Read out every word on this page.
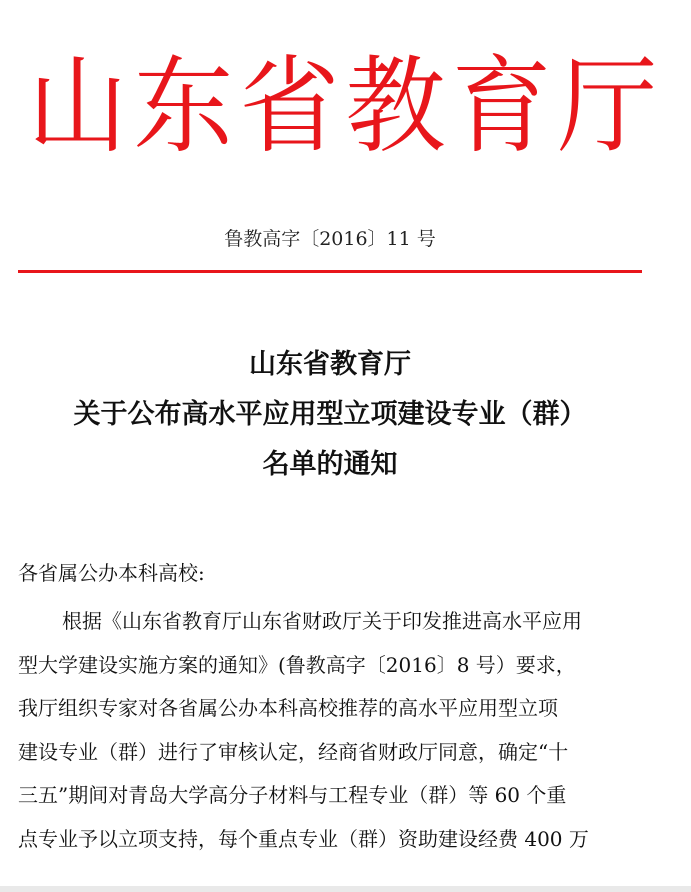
山东省教育厅
鲁教高字〔2016〕11 号
山东省教育厅
关于公布高水平应用型立项建设专业（群）
名单的通知
各省属公办本科高校:
根据《山东省教育厅山东省财政厅关于印发推进高水平应用
型大学建设实施方案的通知》(鲁教高字〔2016〕8 号）要求，
我厅组织专家对各省属公办本科高校推荐的高水平应用型立项
建设专业（群）进行了审核认定，经商省财政厅同意，确定“十
三五”期间对青岛大学高分子材料与工程专业（群）等 60 个重
点专业予以立项支持，每个重点专业（群）资助建设经费 400 万
